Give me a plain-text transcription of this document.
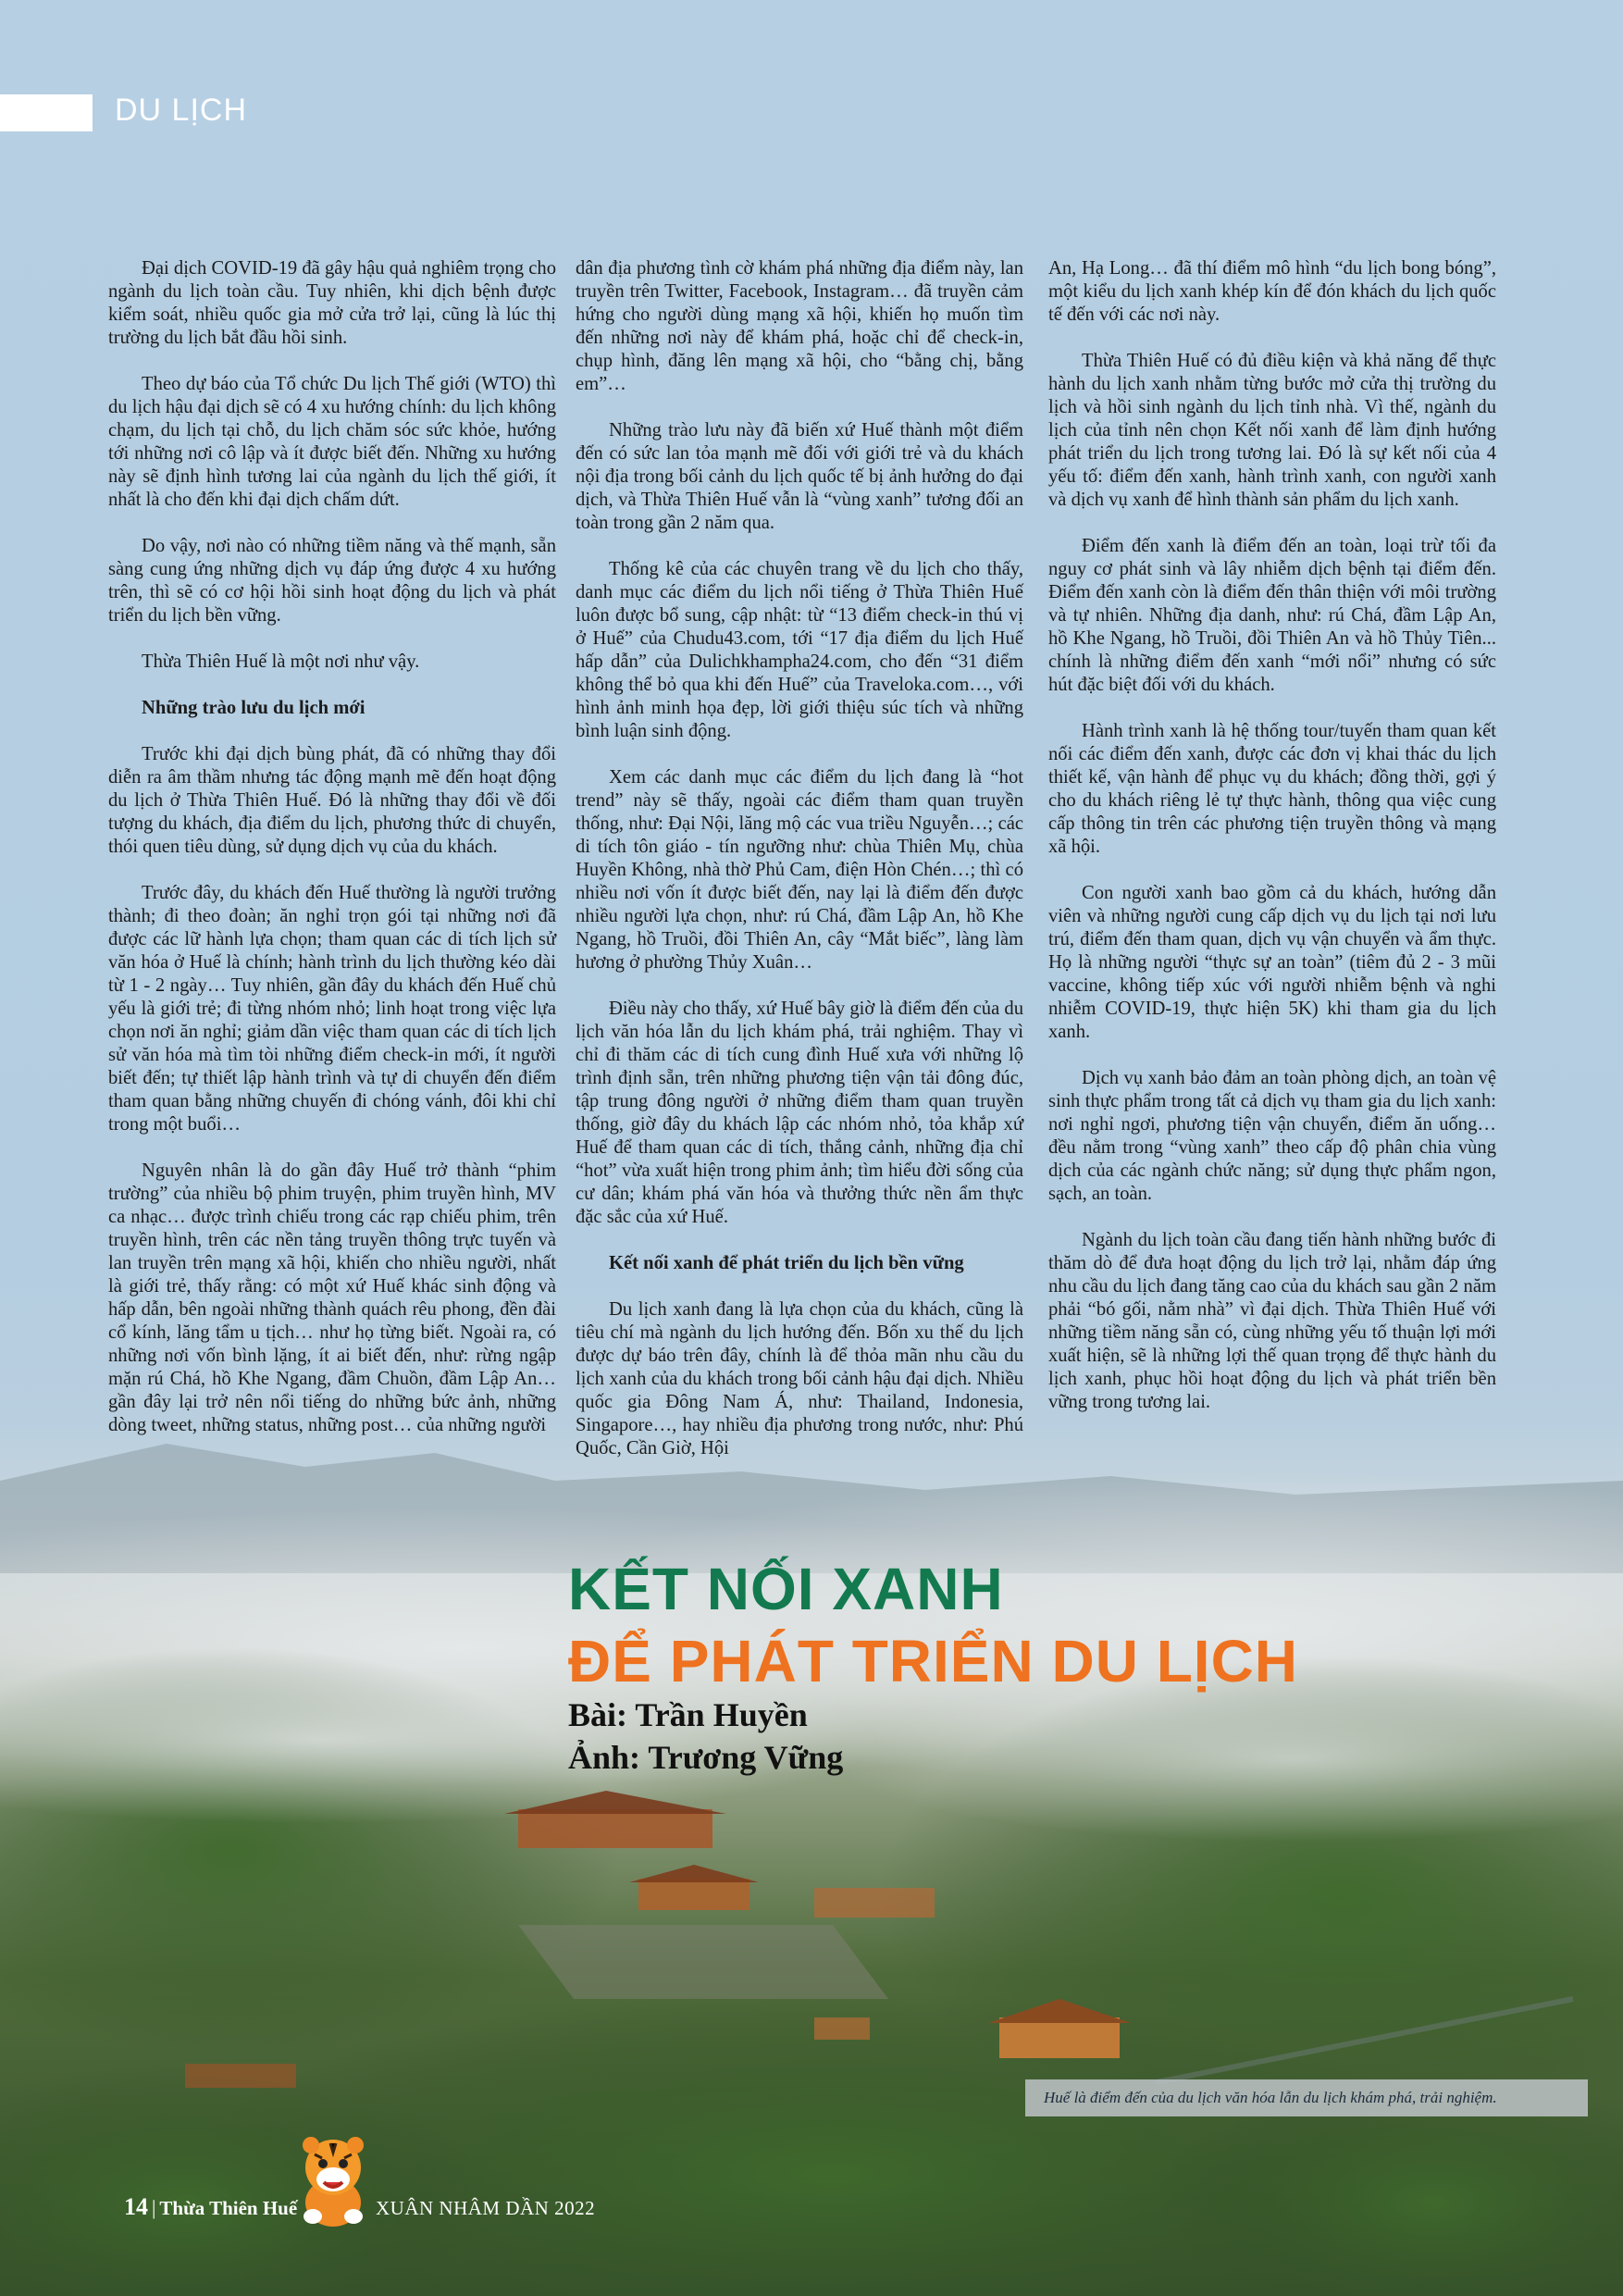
DU LỊCH

Đại dịch COVID-19 đã gây hậu quả nghiêm trọng cho ngành du lịch toàn cầu. Tuy nhiên, khi dịch bệnh được kiểm soát, nhiều quốc gia mở cửa trở lại, cũng là lúc thị trường du lịch bắt đầu hồi sinh.

Theo dự báo của Tổ chức Du lịch Thế giới (WTO) thì du lịch hậu đại dịch sẽ có 4 xu hướng chính: du lịch không chạm, du lịch tại chỗ, du lịch chăm sóc sức khỏe, hướng tới những nơi cô lập và ít được biết đến. Những xu hướng này sẽ định hình tương lai của ngành du lịch thế giới, ít nhất là cho đến khi đại dịch chấm dứt.

Do vậy, nơi nào có những tiềm năng và thế mạnh, sẵn sàng cung ứng những dịch vụ đáp ứng được 4 xu hướng trên, thì sẽ có cơ hội hồi sinh hoạt động du lịch và phát triển du lịch bền vững.

Thừa Thiên Huế là một nơi như vậy.

Những trào lưu du lịch mới

Trước khi đại dịch bùng phát, đã có những thay đổi diễn ra âm thầm nhưng tác động mạnh mẽ đến hoạt động du lịch ở Thừa Thiên Huế. Đó là những thay đổi về đối tượng du khách, địa điểm du lịch, phương thức di chuyển, thói quen tiêu dùng, sử dụng dịch vụ của du khách.

Trước đây, du khách đến Huế thường là người trưởng thành; đi theo đoàn; ăn nghỉ trọn gói tại những nơi đã được các lữ hành lựa chọn; tham quan các di tích lịch sử văn hóa ở Huế là chính; hành trình du lịch thường kéo dài từ 1 - 2 ngày… Tuy nhiên, gần đây du khách đến Huế chủ yếu là giới trẻ; đi từng nhóm nhỏ; linh hoạt trong việc lựa chọn nơi ăn nghỉ; giảm dần việc tham quan các di tích lịch sử văn hóa mà tìm tòi những điểm check-in mới, ít người biết đến; tự thiết lập hành trình và tự di chuyển đến điểm tham quan bằng những chuyến đi chóng vánh, đôi khi chỉ trong một buổi…

Nguyên nhân là do gần đây Huế trở thành “phim trường” của nhiều bộ phim truyện, phim truyền hình, MV ca nhạc… được trình chiếu trong các rạp chiếu phim, trên truyền hình, trên các nền tảng truyền thông trực tuyến và lan truyền trên mạng xã hội, khiến cho nhiều người, nhất là giới trẻ, thấy rằng: có một xứ Huế khác sinh động và hấp dẫn, bên ngoài những thành quách rêu phong, đền đài cổ kính, lăng tẩm u tịch… như họ từng biết. Ngoài ra, có những nơi vốn bình lặng, ít ai biết đến, như: rừng ngập mặn rú Chá, hồ Khe Ngang, đầm Chuồn, đầm Lập An… gần đây lại trở nên nổi tiếng do những bức ảnh, những dòng tweet, những status, những post… của những người

dân địa phương tình cờ khám phá những địa điểm này, lan truyền trên Twitter, Facebook, Instagram… đã truyền cảm hứng cho người dùng mạng xã hội, khiến họ muốn tìm đến những nơi này để khám phá, hoặc chỉ để check-in, chụp hình, đăng lên mạng xã hội, cho “bằng chị, bằng em”…

Những trào lưu này đã biến xứ Huế thành một điểm đến có sức lan tỏa mạnh mẽ đối với giới trẻ và du khách nội địa trong bối cảnh du lịch quốc tế bị ảnh hưởng do đại dịch, và Thừa Thiên Huế vẫn là “vùng xanh” tương đối an toàn trong gần 2 năm qua.

Thống kê của các chuyên trang về du lịch cho thấy, danh mục các điểm du lịch nổi tiếng ở Thừa Thiên Huế luôn được bổ sung, cập nhật: từ “13 điểm check-in thú vị ở Huế” của Chudu43.com, tới “17 địa điểm du lịch Huế hấp dẫn” của Dulichkhampha24.com, cho đến “31 điểm không thể bỏ qua khi đến Huế” của Traveloka.com…, với hình ảnh minh họa đẹp, lời giới thiệu súc tích và những bình luận sinh động.

Xem các danh mục các điểm du lịch đang là “hot trend” này sẽ thấy, ngoài các điểm tham quan truyền thống, như: Đại Nội, lăng mộ các vua triều Nguyễn…; các di tích tôn giáo - tín ngưỡng như: chùa Thiên Mụ, chùa Huyền Không, nhà thờ Phủ Cam, điện Hòn Chén…; thì có nhiều nơi vốn ít được biết đến, nay lại là điểm đến được nhiều người lựa chọn, như: rú Chá, đầm Lập An, hồ Khe Ngang, hồ Truồi, đồi Thiên An, cây “Mắt biếc”, làng làm hương ở phường Thủy Xuân…

Điều này cho thấy, xứ Huế bây giờ là điểm đến của du lịch văn hóa lẫn du lịch khám phá, trải nghiệm. Thay vì chỉ đi thăm các di tích cung đình Huế xưa với những lộ trình định sẵn, trên những phương tiện vận tải đông đúc, tập trung đông người ở những điểm tham quan truyền thống, giờ đây du khách lập các nhóm nhỏ, tỏa khắp xứ Huế để tham quan các di tích, thắng cảnh, những địa chỉ “hot” vừa xuất hiện trong phim ảnh; tìm hiểu đời sống của cư dân; khám phá văn hóa và thưởng thức nền ẩm thực đặc sắc của xứ Huế.

Kết nối xanh để phát triển du lịch bền vững

Du lịch xanh đang là lựa chọn của du khách, cũng là tiêu chí mà ngành du lịch hướng đến. Bốn xu thế du lịch được dự báo trên đây, chính là để thỏa mãn nhu cầu du lịch xanh của du khách trong bối cảnh hậu đại dịch. Nhiều quốc gia Đông Nam Á, như: Thailand, Indonesia, Singapore…, hay nhiều địa phương trong nước, như: Phú Quốc, Cần Giờ, Hội

An, Hạ Long… đã thí điểm mô hình “du lịch bong bóng”, một kiểu du lịch xanh khép kín để đón khách du lịch quốc tế đến với các nơi này.

Thừa Thiên Huế có đủ điều kiện và khả năng để thực hành du lịch xanh nhằm từng bước mở cửa thị trường du lịch và hồi sinh ngành du lịch tỉnh nhà. Vì thế, ngành du lịch của tỉnh nên chọn Kết nối xanh để làm định hướng phát triển du lịch trong tương lai. Đó là sự kết nối của 4 yếu tố: điểm đến xanh, hành trình xanh, con người xanh và dịch vụ xanh để hình thành sản phẩm du lịch xanh.

Điểm đến xanh là điểm đến an toàn, loại trừ tối đa nguy cơ phát sinh và lây nhiễm dịch bệnh tại điểm đến. Điểm đến xanh còn là điểm đến thân thiện với môi trường và tự nhiên. Những địa danh, như: rú Chá, đầm Lập An, hồ Khe Ngang, hồ Truồi, đồi Thiên An và hồ Thủy Tiên... chính là những điểm đến xanh “mới nổi” nhưng có sức hút đặc biệt đối với du khách.

Hành trình xanh là hệ thống tour/tuyến tham quan kết nối các điểm đến xanh, được các đơn vị khai thác du lịch thiết kế, vận hành để phục vụ du khách; đồng thời, gợi ý cho du khách riêng lẻ tự thực hành, thông qua việc cung cấp thông tin trên các phương tiện truyền thông và mạng xã hội.

Con người xanh bao gồm cả du khách, hướng dẫn viên và những người cung cấp dịch vụ du lịch tại nơi lưu trú, điểm đến tham quan, dịch vụ vận chuyển và ẩm thực. Họ là những người “thực sự an toàn” (tiêm đủ 2 - 3 mũi vaccine, không tiếp xúc với người nhiễm bệnh và nghi nhiễm COVID-19, thực hiện 5K) khi tham gia du lịch xanh.

Dịch vụ xanh bảo đảm an toàn phòng dịch, an toàn vệ sinh thực phẩm trong tất cả dịch vụ tham gia du lịch xanh: nơi nghỉ ngơi, phương tiện vận chuyển, điểm ăn uống… đều nằm trong “vùng xanh” theo cấp độ phân chia vùng dịch của các ngành chức năng; sử dụng thực phẩm ngon, sạch, an toàn.

Ngành du lịch toàn cầu đang tiến hành những bước đi thăm dò để đưa hoạt động du lịch trở lại, nhằm đáp ứng nhu cầu du lịch đang tăng cao của du khách sau gần 2 năm phải “bó gối, nằm nhà” vì đại dịch. Thừa Thiên Huế với những tiềm năng sẵn có, cùng những yếu tố thuận lợi mới xuất hiện, sẽ là những lợi thế quan trọng để thực hành du lịch xanh, phục hồi hoạt động du lịch và phát triển bền vững trong tương lai.

KẾT NỐI XANH
ĐỂ PHÁT TRIỂN DU LỊCH
Bài: Trần Huyền
Ảnh: Trương Vững
Huế là điểm đến của du lịch văn hóa lẫn du lịch khám phá, trải nghiệm.
14 | Thừa Thiên Huế	XUÂN NHÂM DẦN 2022
